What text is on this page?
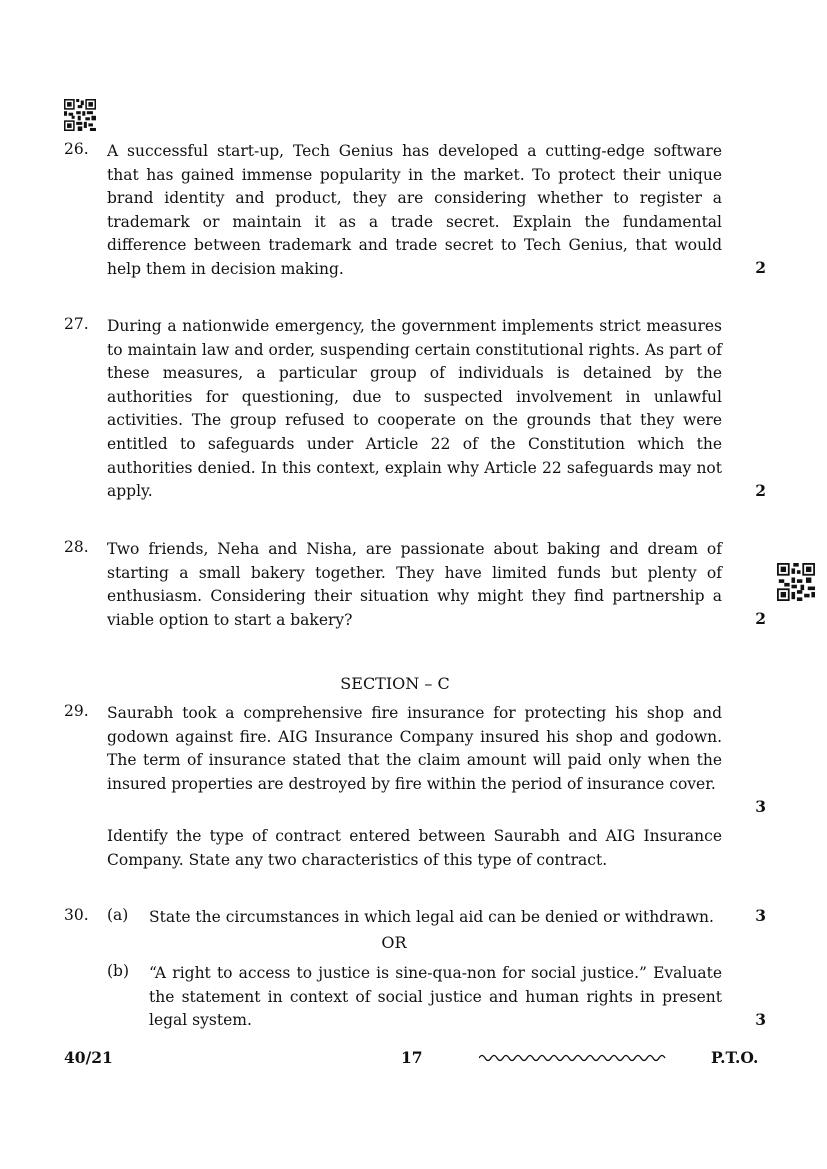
26. A successful start-up, Tech Genius has developed a cutting-edge software that has gained immense popularity in the market. To protect their unique brand identity and product, they are considering whether to register a trademark or maintain it as a trade secret. Explain the fundamental difference between trademark and trade secret to Tech Genius, that would help them in decision making.	2
27. During a nationwide emergency, the government implements strict measures to maintain law and order, suspending certain constitutional rights. As part of these measures, a particular group of individuals is detained by the authorities for questioning, due to suspected involvement in unlawful activities. The group refused to cooperate on the grounds that they were entitled to safeguards under Article 22 of the Constitution which the authorities denied. In this context, explain why Article 22 safeguards may not apply.	2
28. Two friends, Neha and Nisha, are passionate about baking and dream of starting a small bakery together. They have limited funds but plenty of enthusiasm. Considering their situation why might they find partnership a viable option to start a bakery?	2
SECTION – C
29. Saurabh took a comprehensive fire insurance for protecting his shop and godown against fire. AIG Insurance Company insured his shop and godown. The term of insurance stated that the claim amount will paid only when the insured properties are destroyed by fire within the period of insurance cover.
3
Identify the type of contract entered between Saurabh and AIG Insurance Company. State any two characteristics of this type of contract.
30. (a) State the circumstances in which legal aid can be denied or withdrawn.	3
OR
(b) “A right to access to justice is sine-qua-non for social justice.” Evaluate the statement in context of social justice and human rights in present legal system.	3
40/21	17	P.T.O.
